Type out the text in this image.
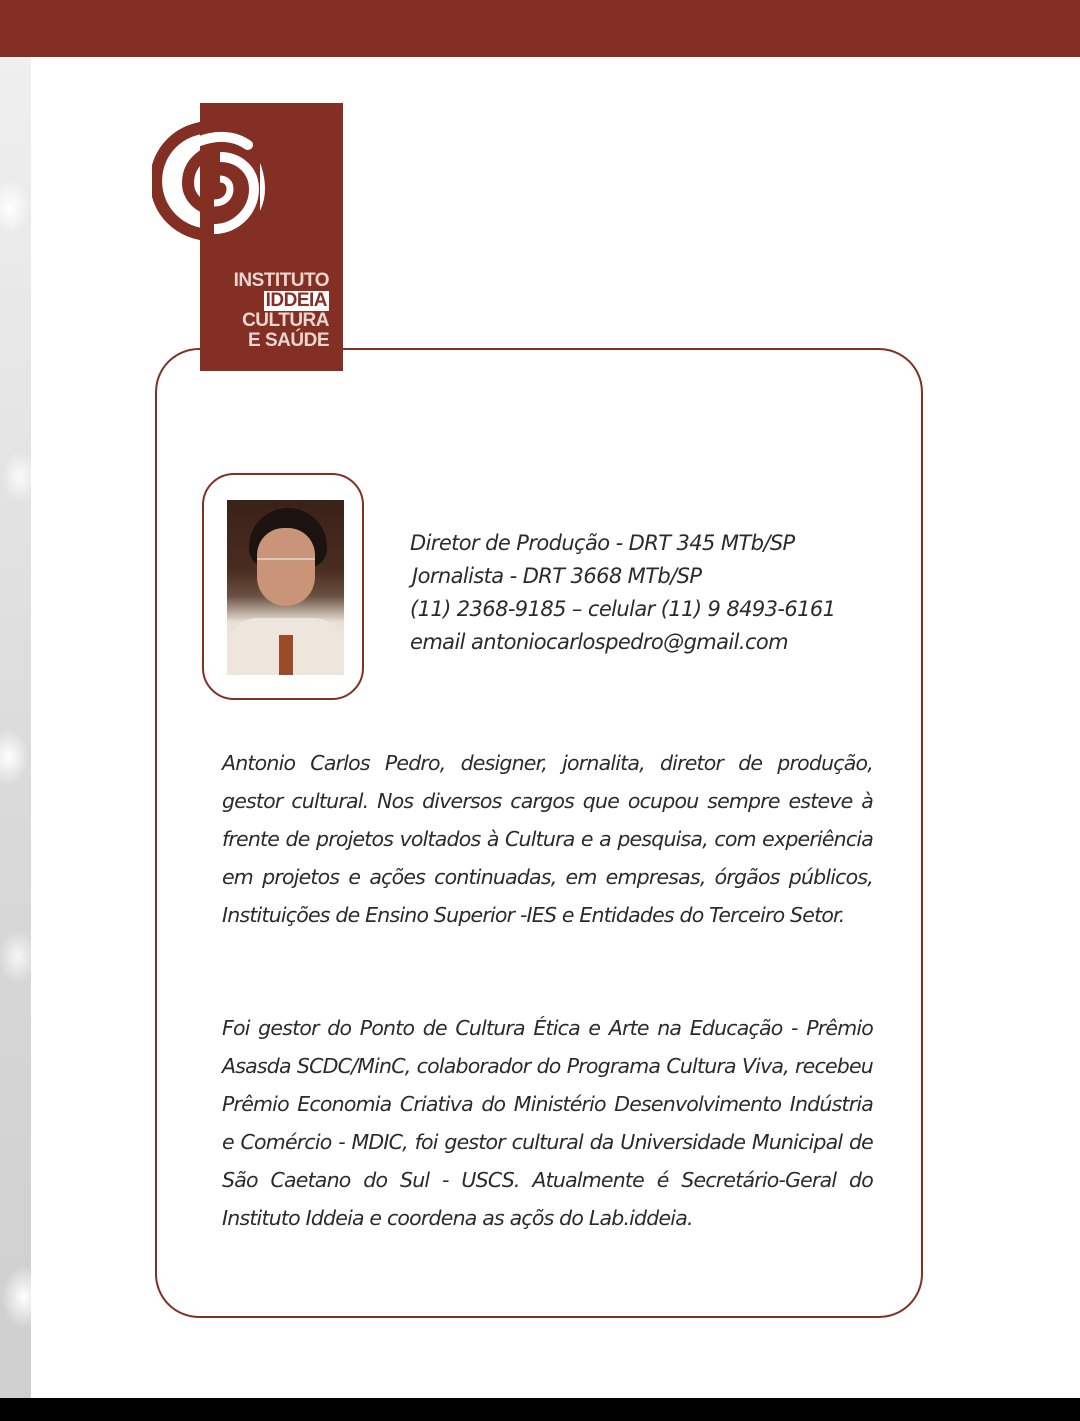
INSTITUTO
IDDEIA
CULTURA
E SAÚDE
Diretor de Produção - DRT 345 MTb/SP
Jornalista - DRT 3668 MTb/SP
(11) 2368-9185 – celular (11) 9 8493-6161
email antoniocarlospedro@gmail.com

Antonio Carlos Pedro, designer, jornalita, diretor de produção, gestor cultural. Nos diversos cargos que ocupou sempre esteve à frente de projetos voltados à Cultura e a pesquisa, com experiência em projetos e ações continuadas, em empresas, órgãos públicos, Instituições de Ensino Superior -IES e Entidades do Terceiro Setor.

Foi gestor do Ponto de Cultura Ética e Arte na Educação - Prêmio Asasda SCDC/MinC, colaborador do Programa Cultura Viva, recebeu Prêmio Economia Criativa do Ministério Desenvolvimento Indústria e Comércio - MDIC, foi gestor cultural da Universidade Municipal de São Caetano do Sul - USCS. Atualmente é Secretário-Geral do Instituto Iddeia e coordena as açõs do Lab.iddeia.
